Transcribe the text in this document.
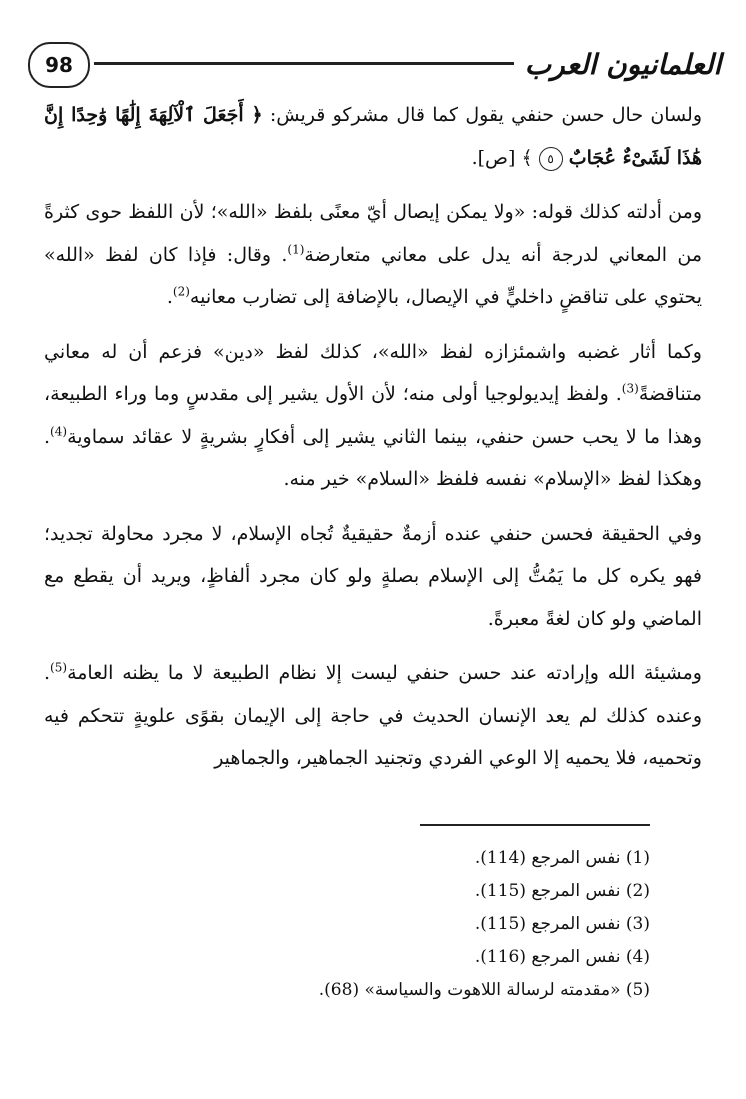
98	العلمانيون العرب

ولسان حال حسن حنفي يقول كما قال مشركو قريش: ﴿ أَجَعَلَ ٱلْآلِهَةَ إِلَٰهًا وَٰحِدًا إِنَّ هَٰذَا لَشَىْءٌ عُجَابٌ ٥ ﴾ [ص].

ومن أدلته كذلك قوله: «ولا يمكن إيصال أيّ معنًى بلفظ «الله»؛ لأن اللفظ حوى كثرةً من المعاني لدرجة أنه يدل على معاني متعارضة$^{(1)}$. وقال: فإذا كان لفظ «الله» يحتوي على تناقضٍ داخليٍّ في الإيصال، بالإضافة إلى تضارب معانيه$^{(2)}$.

وكما أثار غضبه واشمئزازه لفظ «الله»، كذلك لفظ «دين» فزعم أن له معاني متناقضةً$^{(3)}$. ولفظ إيديولوجيا أولى منه؛ لأن الأول يشير إلى مقدسٍ وما وراء الطبيعة، وهذا ما لا يحب حسن حنفي، بينما الثاني يشير إلى أفكارٍ بشريةٍ لا عقائد سماوية$^{(4)}$. وهكذا لفظ «الإسلام» نفسه فلفظ «السلام» خير منه.

وفي الحقيقة فحسن حنفي عنده أزمةٌ حقيقيةٌ تُجاه الإسلام، لا مجرد محاولة تجديد؛ فهو يكره كل ما يَمُتُّ إلى الإسلام بصلةٍ ولو كان مجرد ألفاظٍ، ويريد أن يقطع مع الماضي ولو كان لغةً معبرةً.

ومشيئة الله وإرادته عند حسن حنفي ليست إلا نظام الطبيعة لا ما يظنه العامة$^{(5)}$. وعنده كذلك لم يعد الإنسان الحديث في حاجة إلى الإيمان بقوًى علويةٍ تتحكم فيه وتحميه، فلا يحميه إلا الوعي الفردي وتجنيد الجماهير، والجماهير

(1) نفس المرجع (114).
(2) نفس المرجع (115).
(3) نفس المرجع (115).
(4) نفس المرجع (116).
(5) «مقدمته لرسالة اللاهوت والسياسة» (68).
